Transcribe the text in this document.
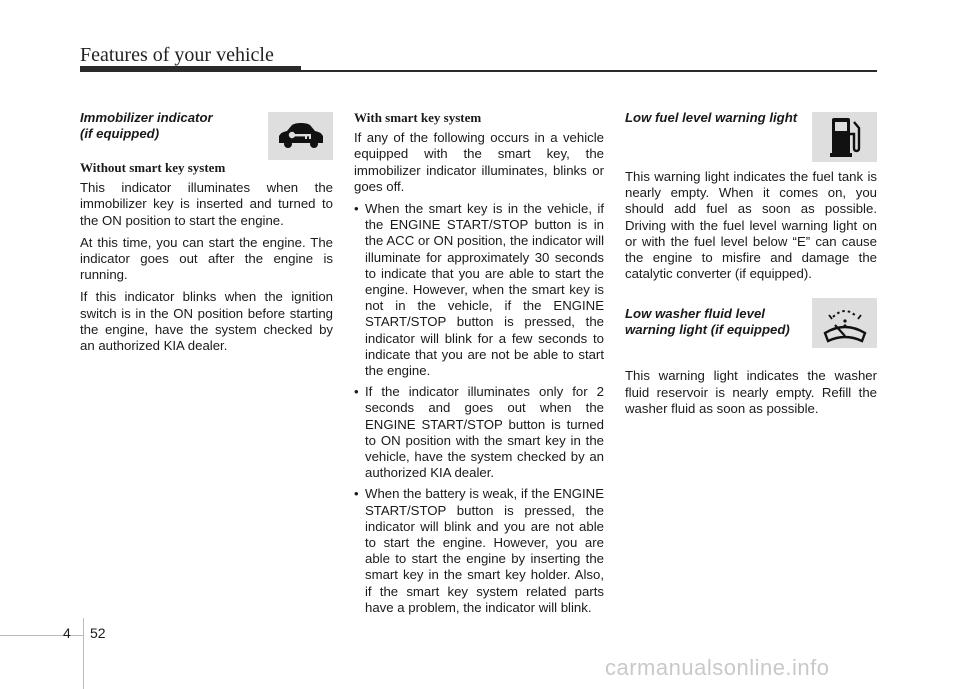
Features of your vehicle
Immobilizer indicator
(if equipped)
Without smart key system

This indicator illuminates when the immobilizer key is inserted and turned to the ON position to start the engine.

At this time, you can start the engine. The indicator goes out after the engine is running.

If this indicator blinks when the ignition switch is in the ON position before starting the engine, have the system checked by an authorized KIA dealer.

With smart key system

If any of the following occurs in a vehicle equipped with the smart key, the immobilizer indicator illuminates, blinks or goes off.

• When the smart key is in the vehicle, if the ENGINE START/STOP button is in the ACC or ON position, the indicator will illuminate for approximately 30 seconds to indicate that you are able to start the engine. However, when the smart key is not in the vehicle, if the ENGINE START/STOP button is pressed, the indicator will blink for a few seconds to indicate that you are not be able to start the engine.
• If the indicator illuminates only for 2 seconds and goes out when the ENGINE START/STOP button is turned to ON position with the smart key in the vehicle, have the system checked by an authorized KIA dealer.
• When the battery is weak, if the ENGINE START/STOP button is pressed, the indicator will blink and you are not able to start the engine. However, you are able to start the engine by inserting the smart key in the smart key holder. Also, if the smart key system related parts have a problem, the indicator will blink.
Low fuel level warning light

This warning light indicates the fuel tank is nearly empty. When it comes on, you should add fuel as soon as possible. Driving with the fuel level warning light on or with the fuel level below “E” can cause the engine to misfire and damage the catalytic converter (if equipped).

Low washer fluid level
warning light (if equipped)

This warning light indicates the washer fluid reservoir is nearly empty. Refill the washer fluid as soon as possible.

4 52
carmanualsonline.info
